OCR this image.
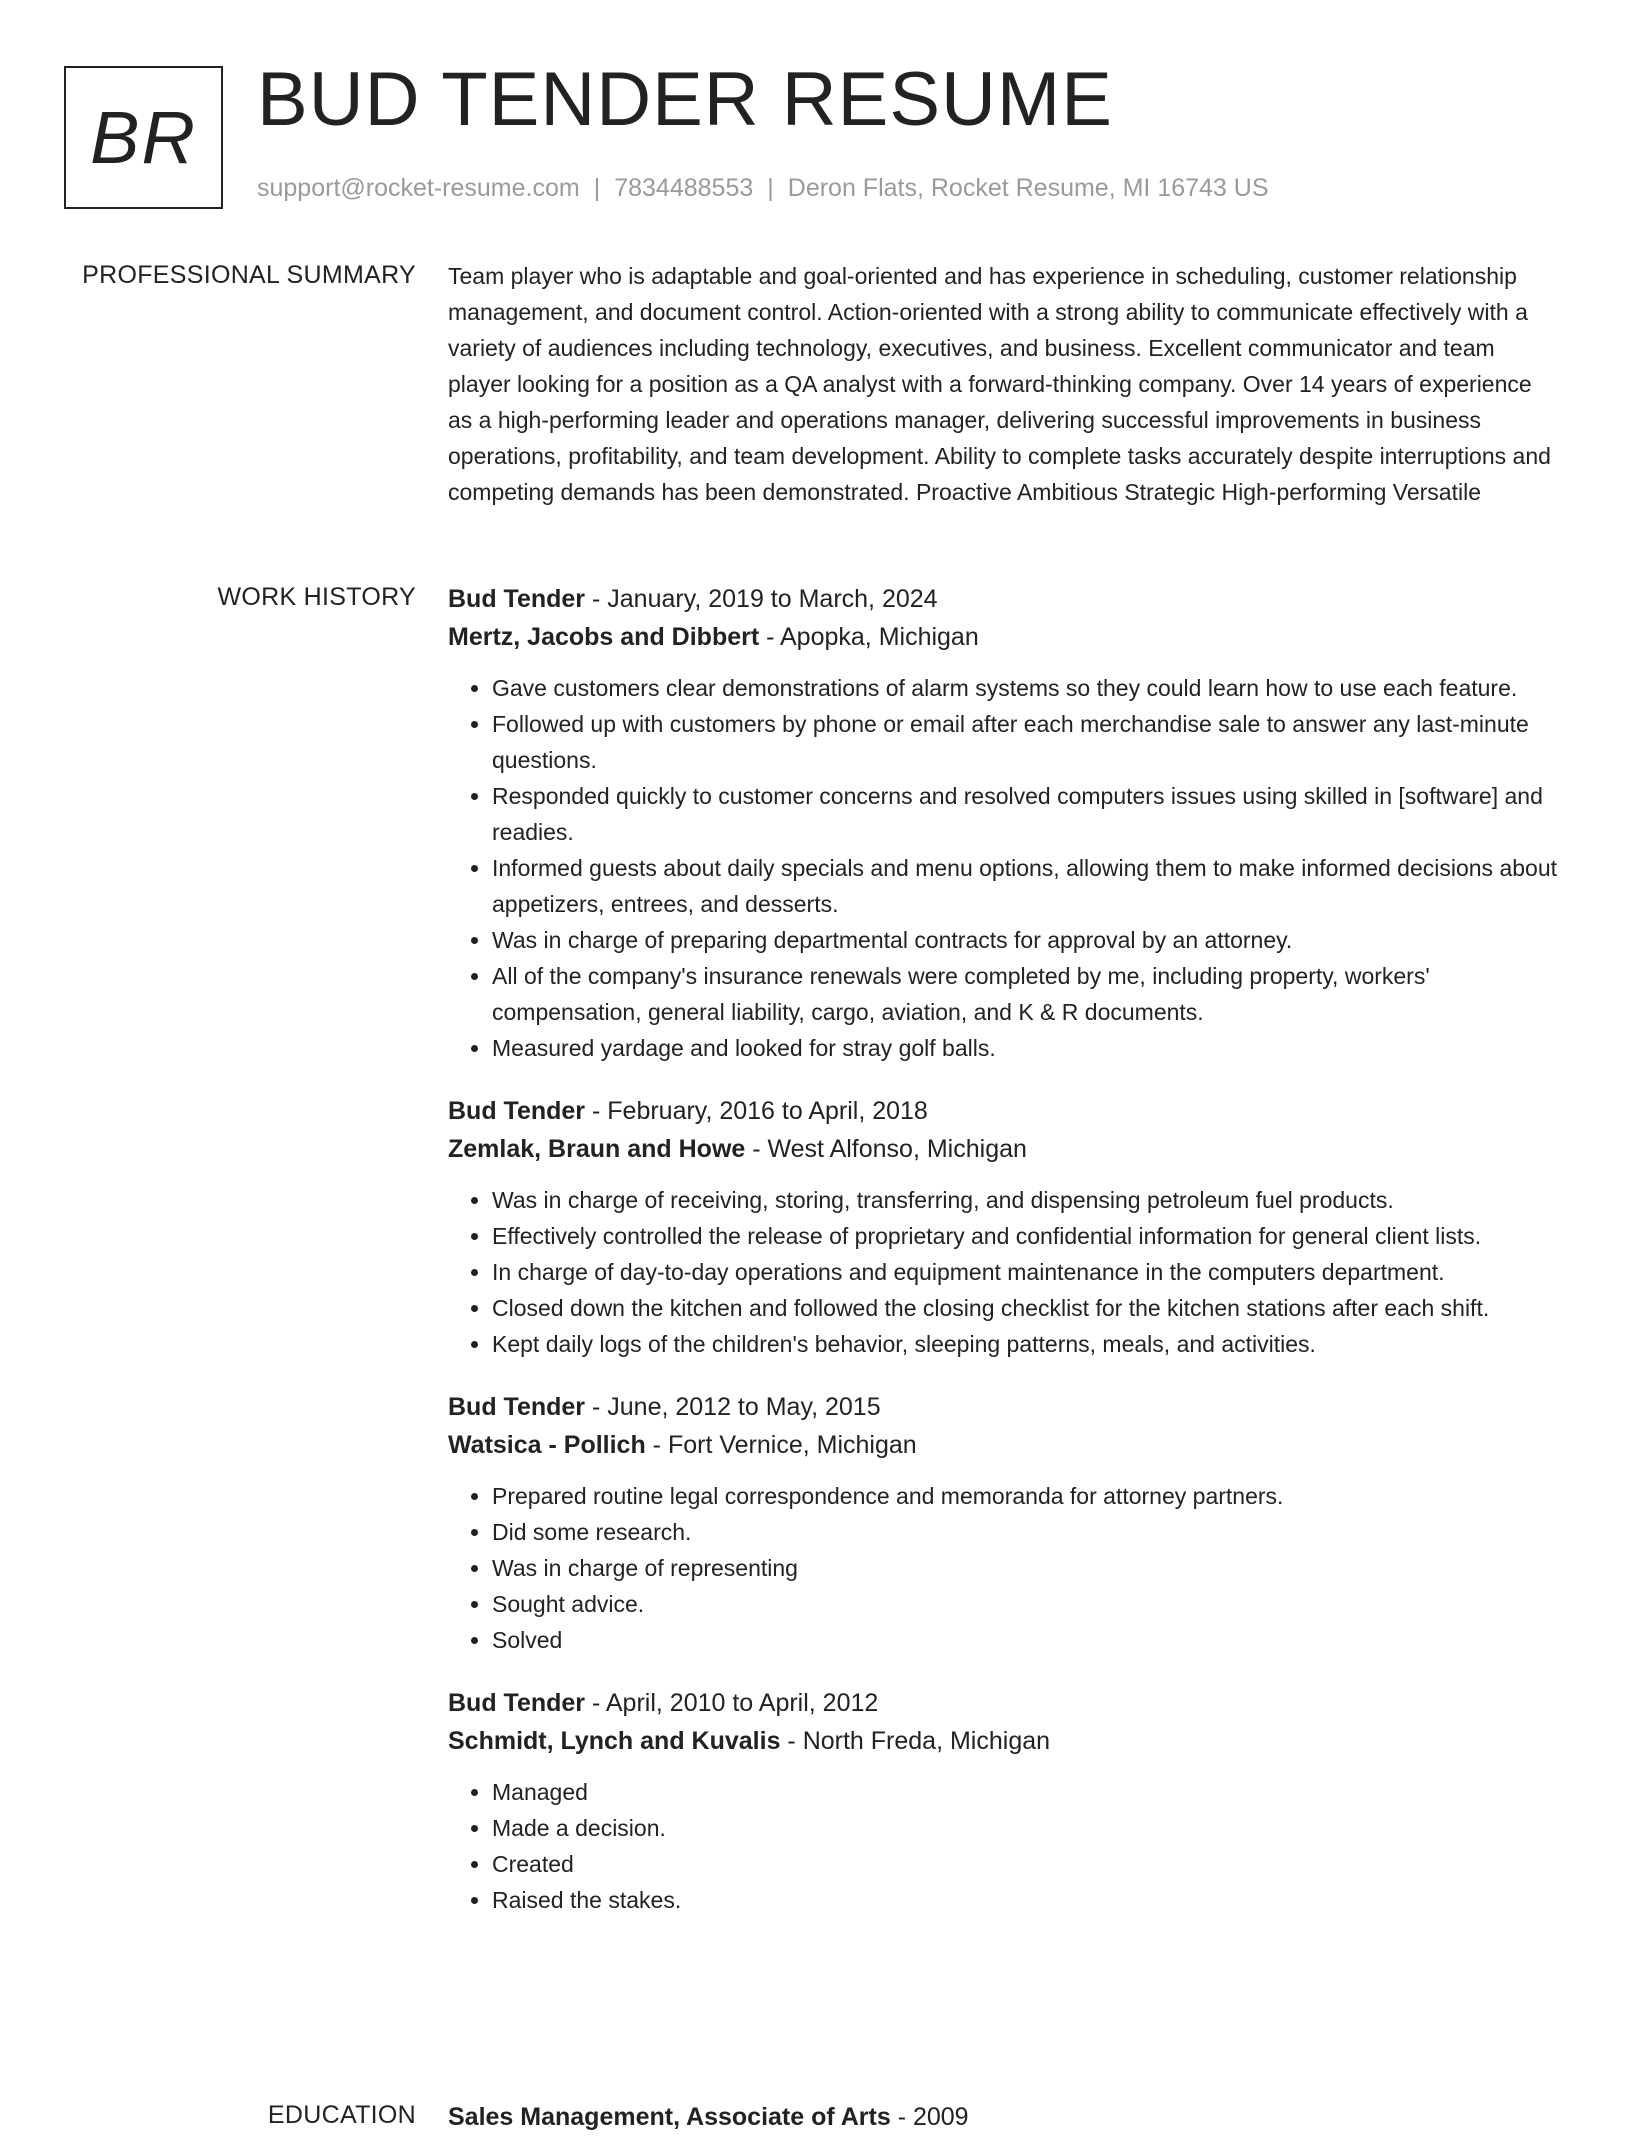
BR BUD TENDER RESUME
support@rocket-resume.com | 7834488553 | Deron Flats, Rocket Resume, MI 16743 US
PROFESSIONAL SUMMARY Team player who is adaptable and goal-oriented and has experience in scheduling, customer relationship management, and document control. Action-oriented with a strong ability to communicate effectively with a variety of audiences including technology, executives, and business. Excellent communicator and team player looking for a position as a QA analyst with a forward-thinking company. Over 14 years of experience as a high-performing leader and operations manager, delivering successful improvements in business operations, profitability, and team development. Ability to complete tasks accurately despite interruptions and competing demands has been demonstrated. Proactive Ambitious Strategic High-performing Versatile

WORK HISTORY Bud Tender - January, 2019 to March, 2024
Mertz, Jacobs and Dibbert - Apopka, Michigan
• Gave customers clear demonstrations of alarm systems so they could learn how to use each feature.
• Followed up with customers by phone or email after each merchandise sale to answer any last-minute questions.
• Responded quickly to customer concerns and resolved computers issues using skilled in [software] and readies.
• Informed guests about daily specials and menu options, allowing them to make informed decisions about appetizers, entrees, and desserts.
• Was in charge of preparing departmental contracts for approval by an attorney.
• All of the company's insurance renewals were completed by me, including property, workers' compensation, general liability, cargo, aviation, and K & R documents.
• Measured yardage and looked for stray golf balls.
Bud Tender - February, 2016 to April, 2018
Zemlak, Braun and Howe - West Alfonso, Michigan
• Was in charge of receiving, storing, transferring, and dispensing petroleum fuel products.
• Effectively controlled the release of proprietary and confidential information for general client lists.
• In charge of day-to-day operations and equipment maintenance in the computers department.
• Closed down the kitchen and followed the closing checklist for the kitchen stations after each shift.
• Kept daily logs of the children's behavior, sleeping patterns, meals, and activities.
Bud Tender - June, 2012 to May, 2015
Watsica - Pollich - Fort Vernice, Michigan
• Prepared routine legal correspondence and memoranda for attorney partners.
• Did some research.
• Was in charge of representing
• Sought advice.
• Solved
Bud Tender - April, 2010 to April, 2012
Schmidt, Lynch and Kuvalis - North Freda, Michigan
• Managed
• Made a decision.
• Created
• Raised the stakes.
EDUCATION Sales Management, Associate of Arts - 2009
